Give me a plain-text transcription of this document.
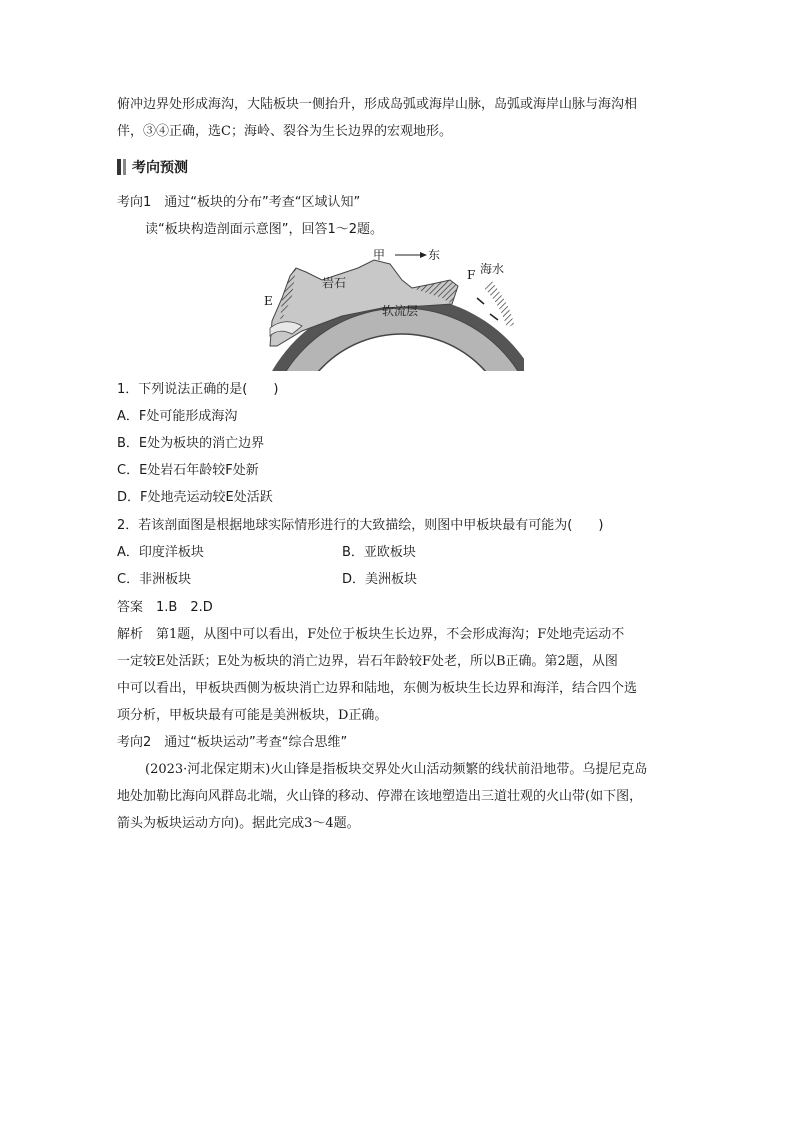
俯冲边界处形成海沟，大陆板块一侧抬升，形成岛弧或海岸山脉，岛弧或海岸山脉与海沟相
伴，③④正确，选C；海岭、裂谷为生长边界的宏观地形。
考向预测
考向1　通过“板块的分布”考查“区域认知”
读“板块构造剖面示意图”，回答1～2题。
甲	东
F 海水
岩石
E
软流层
1．下列说法正确的是(　　)
A．F处可能形成海沟
B．E处为板块的消亡边界
C．E处岩石年龄较F处新
D．F处地壳运动较E处活跃
2．若该剖面图是根据地球实际情形进行的大致描绘，则图中甲板块最有可能为(　　)
A．印度洋板块	B．亚欧板块
C．非洲板块	D．美洲板块
答案　1.B　2.D
解析　第1题，从图中可以看出，F处位于板块生长边界，不会形成海沟；F处地壳运动不
一定较E处活跃；E处为板块的消亡边界，岩石年龄较F处老，所以B正确。第2题，从图
中可以看出，甲板块西侧为板块消亡边界和陆地，东侧为板块生长边界和海洋，结合四个选
项分析，甲板块最有可能是美洲板块，D正确。
考向2　通过“板块运动”考查“综合思维”
(2023·河北保定期末)火山锋是指板块交界处火山活动频繁的线状前沿地带。乌提尼克岛
地处加勒比海向风群岛北端，火山锋的移动、停滞在该地塑造出三道壮观的火山带(如下图，
箭头为板块运动方向)。据此完成3～4题。
